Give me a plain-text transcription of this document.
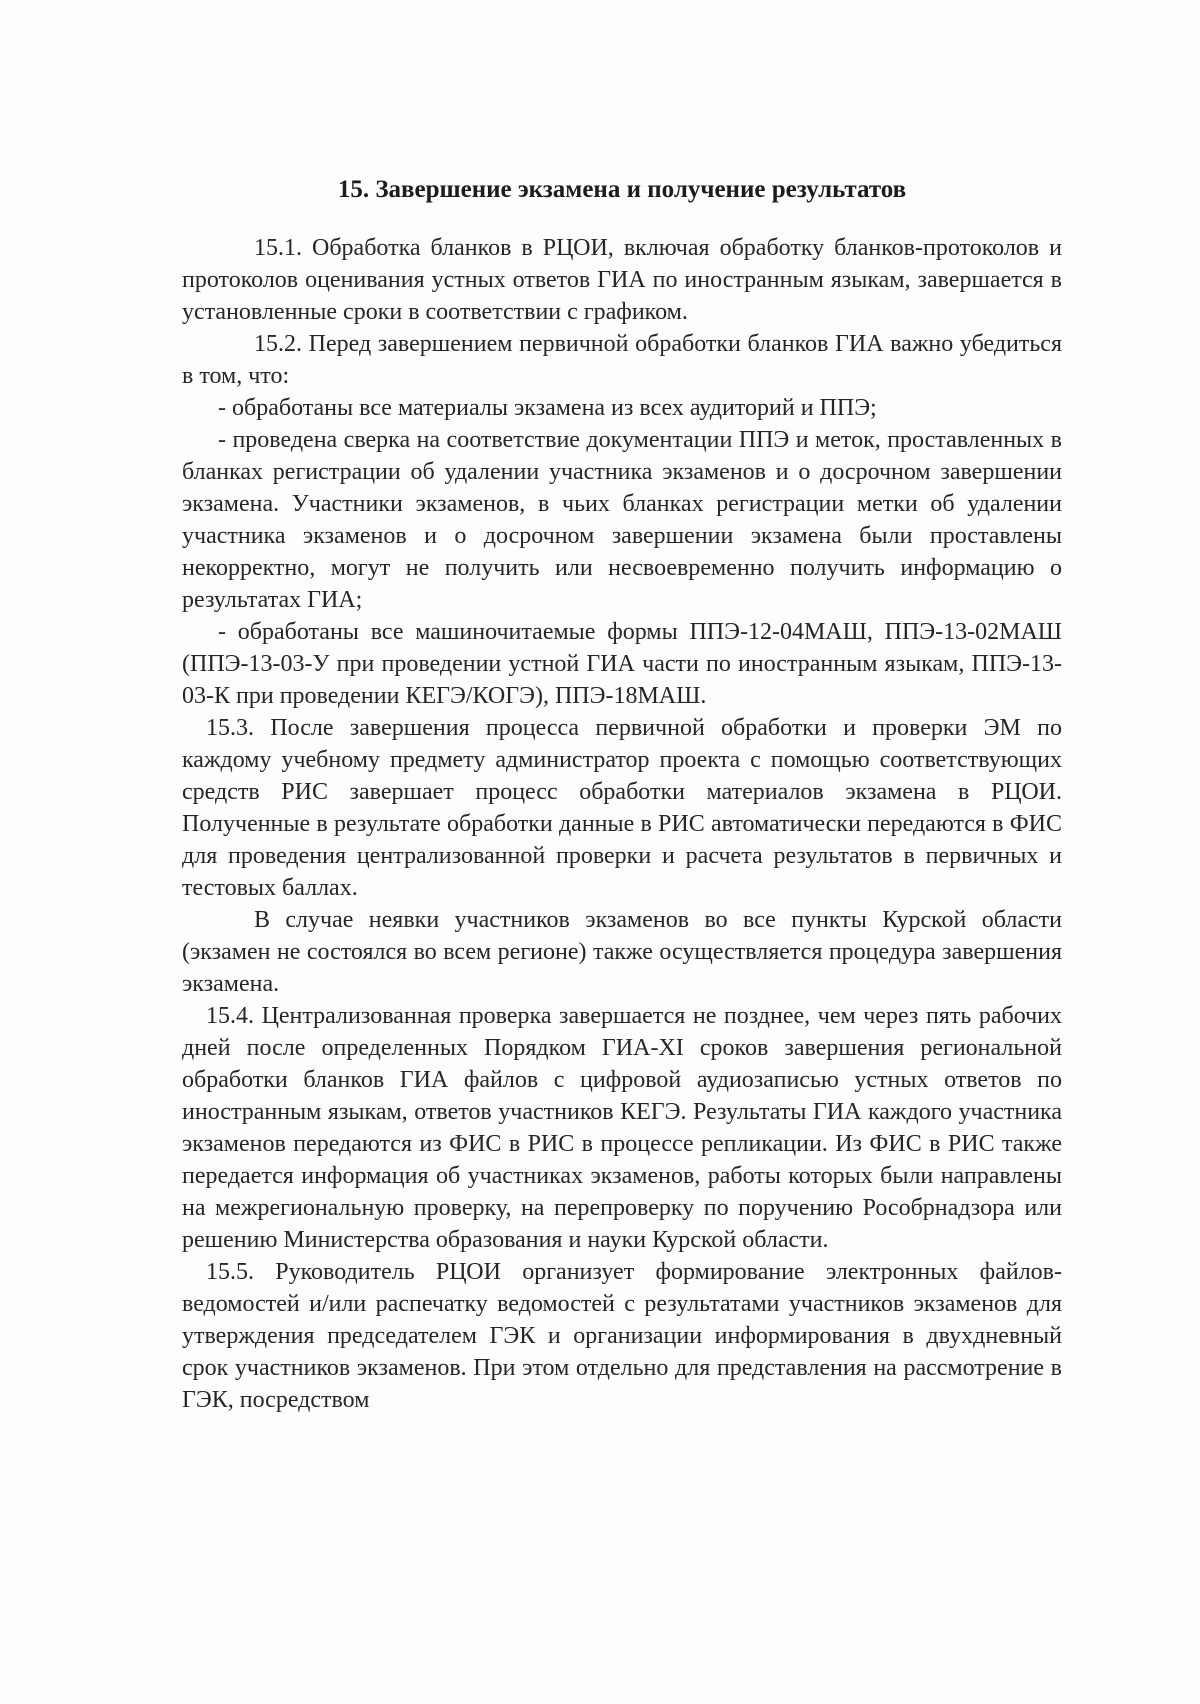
15. Завершение экзамена и получение результатов

15.1. Обработка бланков в РЦОИ, включая обработку бланков-протоколов и протоколов оценивания устных ответов ГИА по иностранным языкам, завершается в установленные сроки в соответствии с графиком.

15.2. Перед завершением первичной обработки бланков ГИА важно убедиться в том, что:

- обработаны все материалы экзамена из всех аудиторий и ППЭ;

- проведена сверка на соответствие документации ППЭ и меток, проставленных в бланках регистрации об удалении участника экзаменов и о досрочном завершении экзамена. Участники экзаменов, в чьих бланках регистрации метки об удалении участника экзаменов и о досрочном завершении экзамена были проставлены некорректно, могут не получить или несвоевременно получить информацию о результатах ГИА;

- обработаны все машиночитаемые формы ППЭ-12-04МАШ, ППЭ-13-02МАШ (ППЭ-13-03-У при проведении устной ГИА части по иностранным языкам, ППЭ-13-03-К при проведении КЕГЭ/КОГЭ), ППЭ-18МАШ.

15.3. После завершения процесса первичной обработки и проверки ЭМ по каждому учебному предмету администратор проекта с помощью соответствующих средств РИС завершает процесс обработки материалов экзамена в РЦОИ. Полученные в результате обработки данные в РИС автоматически передаются в ФИС для проведения централизованной проверки и расчета результатов в первичных и тестовых баллах.

В случае неявки участников экзаменов во все пункты Курской области (экзамен не состоялся во всем регионе) также осуществляется процедура завершения экзамена.

15.4. Централизованная проверка завершается не позднее, чем через пять рабочих дней после определенных Порядком ГИА-XI сроков завершения региональной обработки бланков ГИА файлов с цифровой аудиозаписью устных ответов по иностранным языкам, ответов участников КЕГЭ. Результаты ГИА каждого участника экзаменов передаются из ФИС в РИС в процессе репликации. Из ФИС в РИС также передается информация об участниках экзаменов, работы которых были направлены на межрегиональную проверку, на перепроверку по поручению Рособрнадзора или решению Министерства образования и науки Курской области.

15.5. Руководитель РЦОИ организует формирование электронных файлов-ведомостей и/или распечатку ведомостей с результатами участников экзаменов для утверждения председателем ГЭК и организации информирования в двухдневный срок участников экзаменов. При этом отдельно для представления на рассмотрение в ГЭК, посредством
